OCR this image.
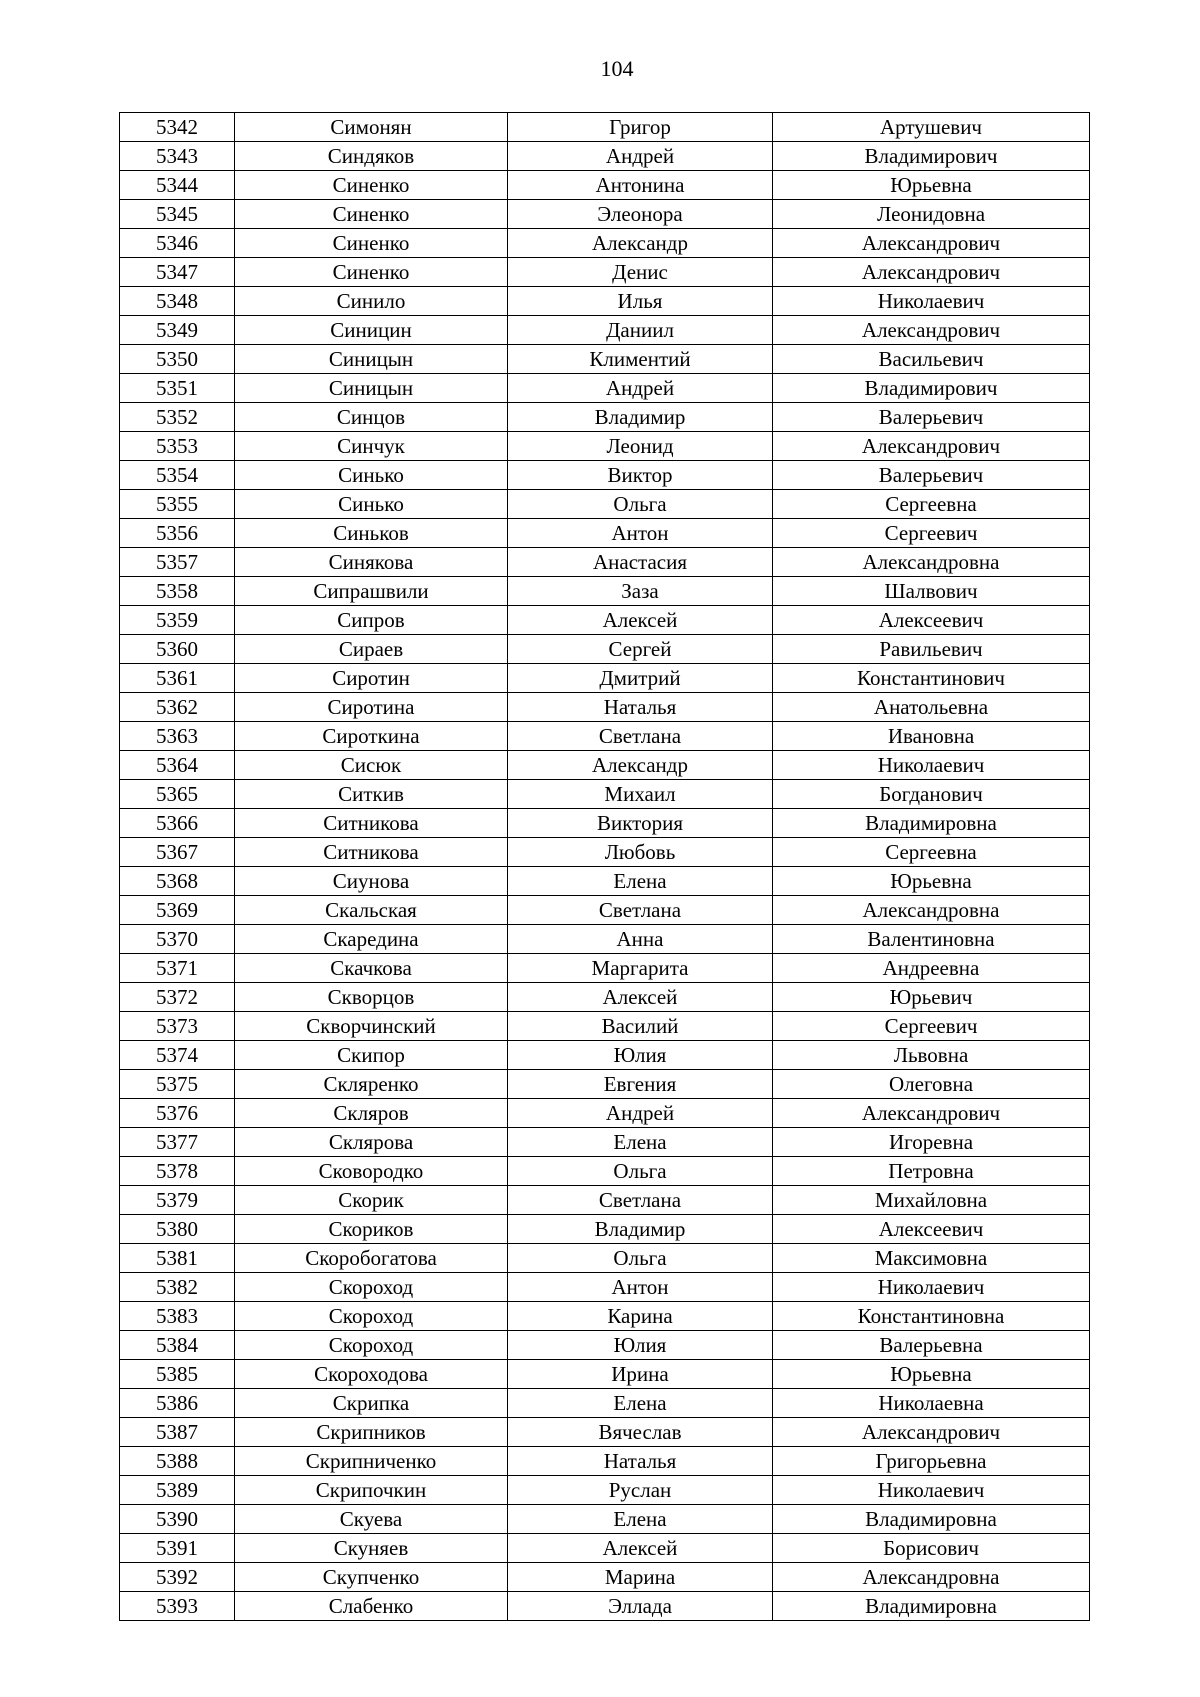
104
5342	Симонян	Григор	Артушевич
5343	Синдяков	Андрей	Владимирович
5344	Синенко	Антонина	Юрьевна
5345	Синенко	Элеонора	Леонидовна
5346	Синенко	Александр	Александрович
5347	Синенко	Денис	Александрович
5348	Синило	Илья	Николаевич
5349	Синицин	Даниил	Александрович
5350	Синицын	Климентий	Васильевич
5351	Синицын	Андрей	Владимирович
5352	Синцов	Владимир	Валерьевич
5353	Синчук	Леонид	Александрович
5354	Синько	Виктор	Валерьевич
5355	Синько	Ольга	Сергеевна
5356	Синьков	Антон	Сергеевич
5357	Синякова	Анастасия	Александровна
5358	Сипрашвили	Заза	Шалвович
5359	Сипров	Алексей	Алексеевич
5360	Сираев	Сергей	Равильевич
5361	Сиротин	Дмитрий	Константинович
5362	Сиротина	Наталья	Анатольевна
5363	Сироткина	Светлана	Ивановна
5364	Сисюк	Александр	Николаевич
5365	Ситкив	Михаил	Богданович
5366	Ситникова	Виктория	Владимировна
5367	Ситникова	Любовь	Сергеевна
5368	Сиунова	Елена	Юрьевна
5369	Скальская	Светлана	Александровна
5370	Скаредина	Анна	Валентиновна
5371	Скачкова	Маргарита	Андреевна
5372	Скворцов	Алексей	Юрьевич
5373	Скворчинский	Василий	Сергеевич
5374	Скипор	Юлия	Львовна
5375	Скляренко	Евгения	Олеговна
5376	Скляров	Андрей	Александрович
5377	Склярова	Елена	Игоревна
5378	Сковородко	Ольга	Петровна
5379	Скорик	Светлана	Михайловна
5380	Скориков	Владимир	Алексеевич
5381	Скоробогатова	Ольга	Максимовна
5382	Скороход	Антон	Николаевич
5383	Скороход	Карина	Константиновна
5384	Скороход	Юлия	Валерьевна
5385	Скороходова	Ирина	Юрьевна
5386	Скрипка	Елена	Николаевна
5387	Скрипников	Вячеслав	Александрович
5388	Скрипниченко	Наталья	Григорьевна
5389	Скрипочкин	Руслан	Николаевич
5390	Скуева	Елена	Владимировна
5391	Скуняев	Алексей	Борисович
5392	Скупченко	Марина	Александровна
5393	Слабенко	Эллада	Владимировна
